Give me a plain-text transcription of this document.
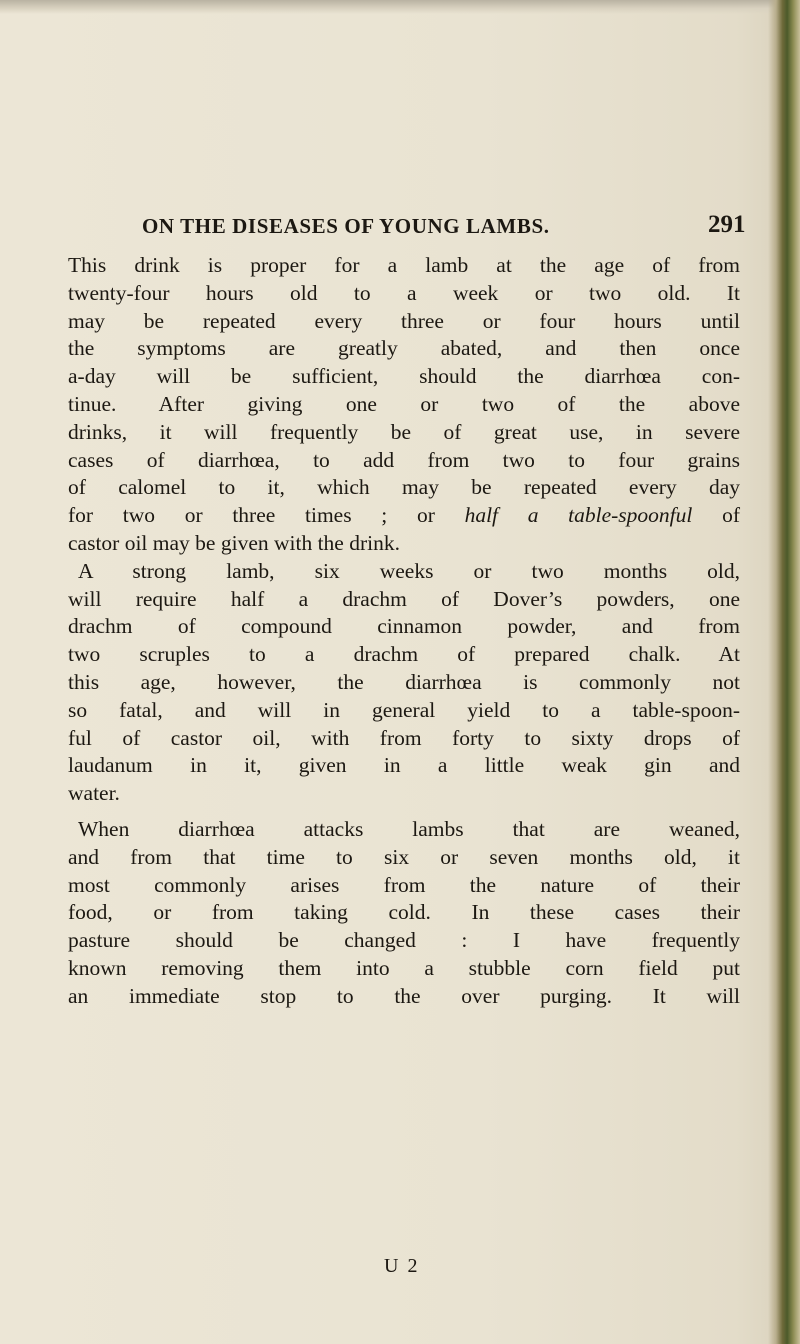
ON THE DISEASES OF YOUNG LAMBS.	291
This drink is proper for a lamb at the age of from
twenty-four hours old to a week or two old. It
may be repeated every three or four hours until
the symptoms are greatly abated, and then once
a-day will be sufficient, should the diarrhœa con-
tinue. After giving one or two of the above
drinks, it will frequently be of great use, in severe
cases of diarrhœa, to add from two to four grains
of calomel to it, which may be repeated every day
for two or three times ; or half a table-spoonful of
castor oil may be given with the drink.
A strong lamb, six weeks or two months old,
will require half a drachm of Dover’s powders, one
drachm of compound cinnamon powder, and from
two scruples to a drachm of prepared chalk. At
this age, however, the diarrhœa is commonly not
so fatal, and will in general yield to a table-spoon-
ful of castor oil, with from forty to sixty drops of
laudanum in it, given in a little weak gin and
water.
When diarrhœa attacks lambs that are weaned,
and from that time to six or seven months old, it
most commonly arises from the nature of their
food, or from taking cold. In these cases their
pasture should be changed : I have frequently
known removing them into a stubble corn field put
an immediate stop to the over purging. It will
U 2
